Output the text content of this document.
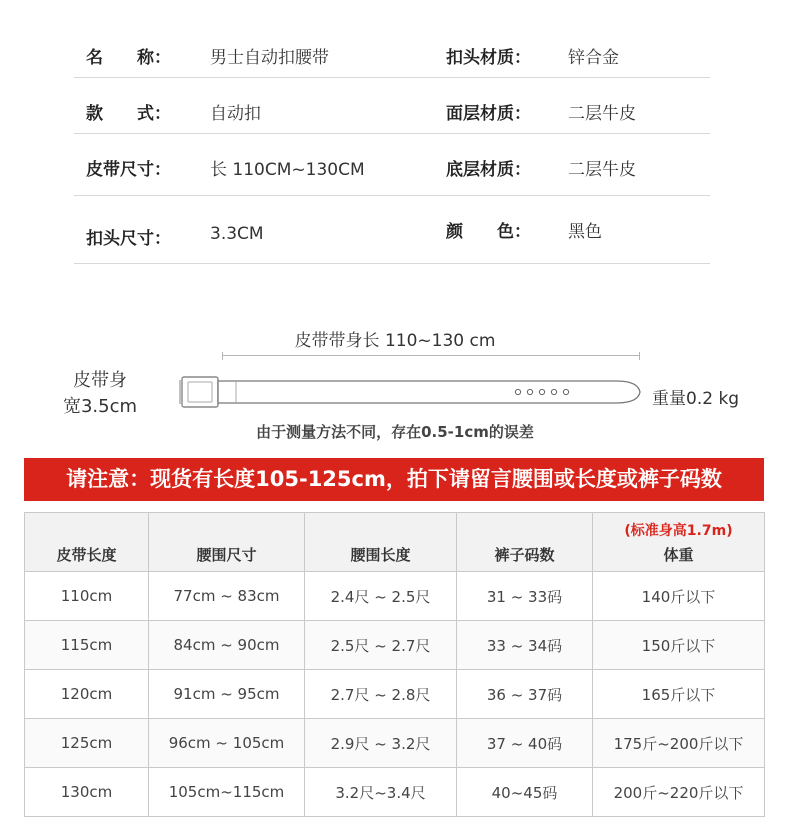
名　　称： 男士自动扣腰带	扣头材质： 锌合金
款　　式： 自动扣	面层材质： 二层牛皮
皮带尺寸： 长 110CM~130CM	底层材质： 二层牛皮
扣头尺寸： 3.3CM	颜　　色： 黑色
皮带带身长 110~130 cm
皮带身
宽3.5cm	重量0.2 kg
由于测量方法不同，存在0.5-1cm的误差
请注意：现货有长度105-125cm，拍下请留言腰围或长度或裤子码数
皮带长度	腰围尺寸	腰围长度	裤子码数	(标准身高1.7m)
体重
110cm	77cm ~ 83cm	2.4尺 ~ 2.5尺	31 ~ 33码	140斤以下
115cm	84cm ~ 90cm	2.5尺 ~ 2.7尺	33 ~ 34码	150斤以下
120cm	91cm ~ 95cm	2.7尺 ~ 2.8尺	36 ~ 37码	165斤以下
125cm	96cm ~ 105cm	2.9尺 ~ 3.2尺	37 ~ 40码	175斤~200斤以下
130cm	105cm~115cm	3.2尺~3.4尺	40~45码	200斤~220斤以下
